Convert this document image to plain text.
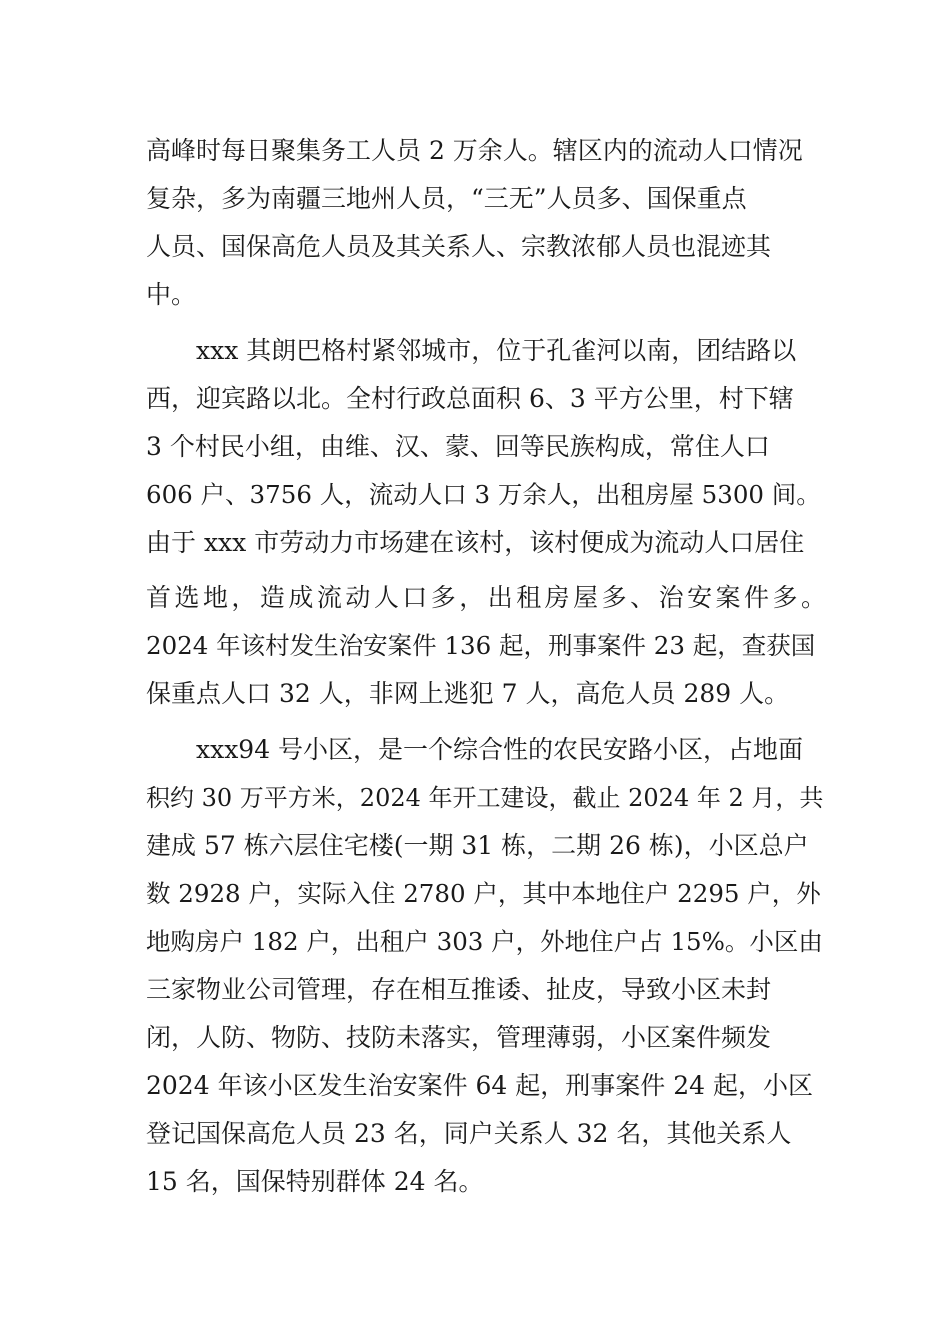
高峰时每日聚集务工人员 2 万余人。辖区内的流动人口情况
复杂，多为南疆三地州人员，“三无”人员多、国保重点
人员、国保高危人员及其关系人、宗教浓郁人员也混迹其
中。
xxx 其朗巴格村紧邻城市，位于孔雀河以南，团结路以
西，迎宾路以北。全村行政总面积 6、3 平方公里，村下辖
3 个村民小组，由维、汉、蒙、回等民族构成，常住人口
606 户、3756 人，流动人口 3 万余人，出租房屋 5300 间。
由于 xxx 市劳动力市场建在该村，该村便成为流动人口居住
首选地，造成流动人口多，出租房屋多、治安案件多。
2024 年该村发生治安案件 136 起，刑事案件 23 起，查获国
保重点人口 32 人，非网上逃犯 7 人，高危人员 289 人。
xxx94 号小区，是一个综合性的农民安路小区，占地面
积约 30 万平方米，2024 年开工建设，截止 2024 年 2 月，共
建成 57 栋六层住宅楼(一期 31 栋，二期 26 栋)，小区总户
数 2928 户，实际入住 2780 户，其中本地住户 2295 户，外
地购房户 182 户，出租户 303 户，外地住户占 15%。小区由
三家物业公司管理，存在相互推诿、扯皮，导致小区未封
闭，人防、物防、技防未落实，管理薄弱，小区案件频发
2024 年该小区发生治安案件 64 起，刑事案件 24 起，小区
登记国保高危人员 23 名，同户关系人 32 名，其他关系人
15 名，国保特别群体 24 名。
